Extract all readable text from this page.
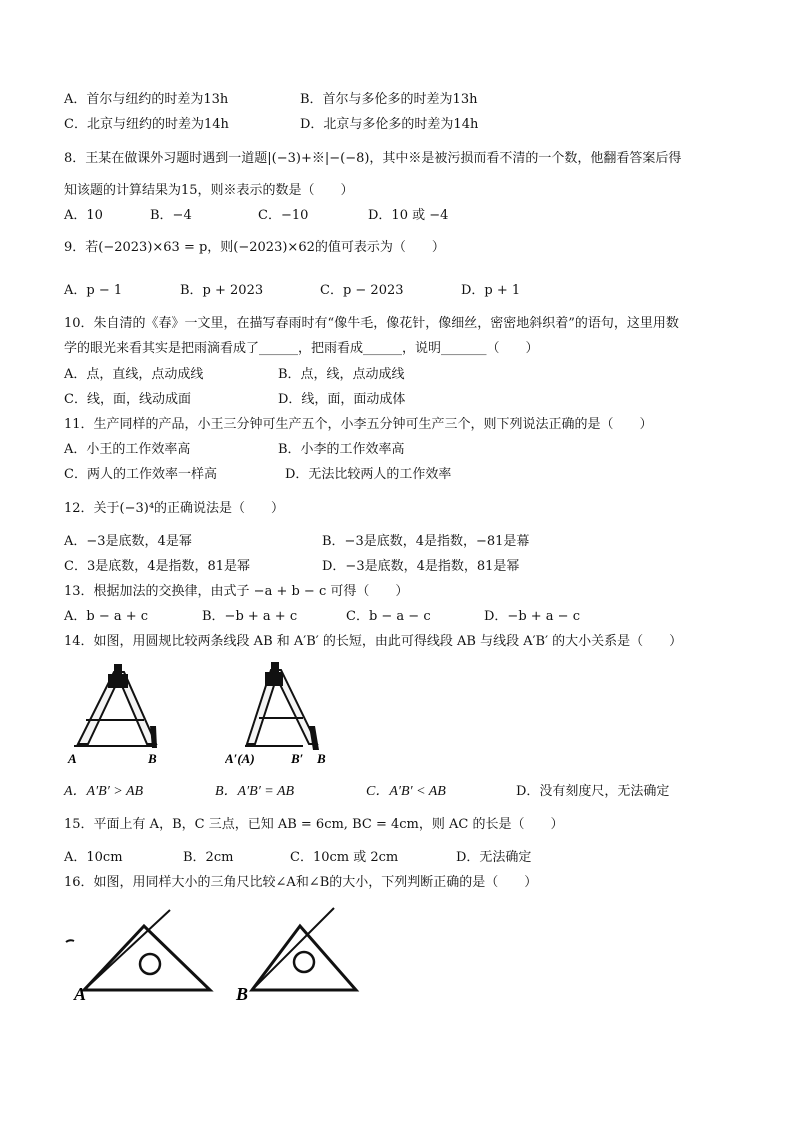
A．首尔与纽约的时差为13h	B．首尔与多伦多的时差为13h
C．北京与纽约的时差为14h	D．北京与多伦多的时差为14h
8．王某在做课外习题时遇到一道题|(−3)+※|−(−8)，其中※是被污损而看不清的一个数，他翻看答案后得
知该题的计算结果为15，则※表示的数是（　　）
A．10	B．−4	C．−10	D．10 或 −4
9．若(−2023)×63 = p，则(−2023)×62的值可表示为（　　）
A．p − 1	B．p + 2023	C．p − 2023	D．p + 1
10．朱自清的《春》一文里，在描写春雨时有“像牛毛，像花针，像细丝，密密地斜织着”的语句，这里用数
学的眼光来看其实是把雨滴看成了______，把雨看成______，说明_______（　　）
A．点，直线，点动成线	B．点，线，点动成线
C．线，面，线动成面	D．线，面，面动成体
11．生产同样的产品，小王三分钟可生产五个，小李五分钟可生产三个，则下列说法正确的是（　　）
A．小王的工作效率高	B．小李的工作效率高
C．两人的工作效率一样高	D．无法比较两人的工作效率
12．关于(−3)⁴的正确说法是（　　）
A．−3是底数，4是幂	B．−3是底数，4是指数，−81是幕
C．3是底数，4是指数，81是幂	D．−3是底数，4是指数，81是幂
13．根据加法的交换律，由式子 −a + b − c 可得（　　）
A．b − a + c	B．−b + a + c	C．b − a − c	D．−b + a − c
14．如图，用圆规比较两条线段 AB 和 A′B′ 的长短，由此可得线段 AB 与线段 A′B′ 的大小关系是（　　）
A	B	A′(A)	B′ B
A．A′B′ > AB	B．A′B′ = AB	C．A′B′ < AB	D．没有刻度尺，无法确定
15．平面上有 A，B，C 三点，已知 AB = 6cm, BC = 4cm，则 AC 的长是（　　）
A．10cm	B．2cm	C．10cm 或 2cm	D．无法确定
16．如图，用同样大小的三角尺比较∠A和∠B的大小，下列判断正确的是（　　）
A	B
